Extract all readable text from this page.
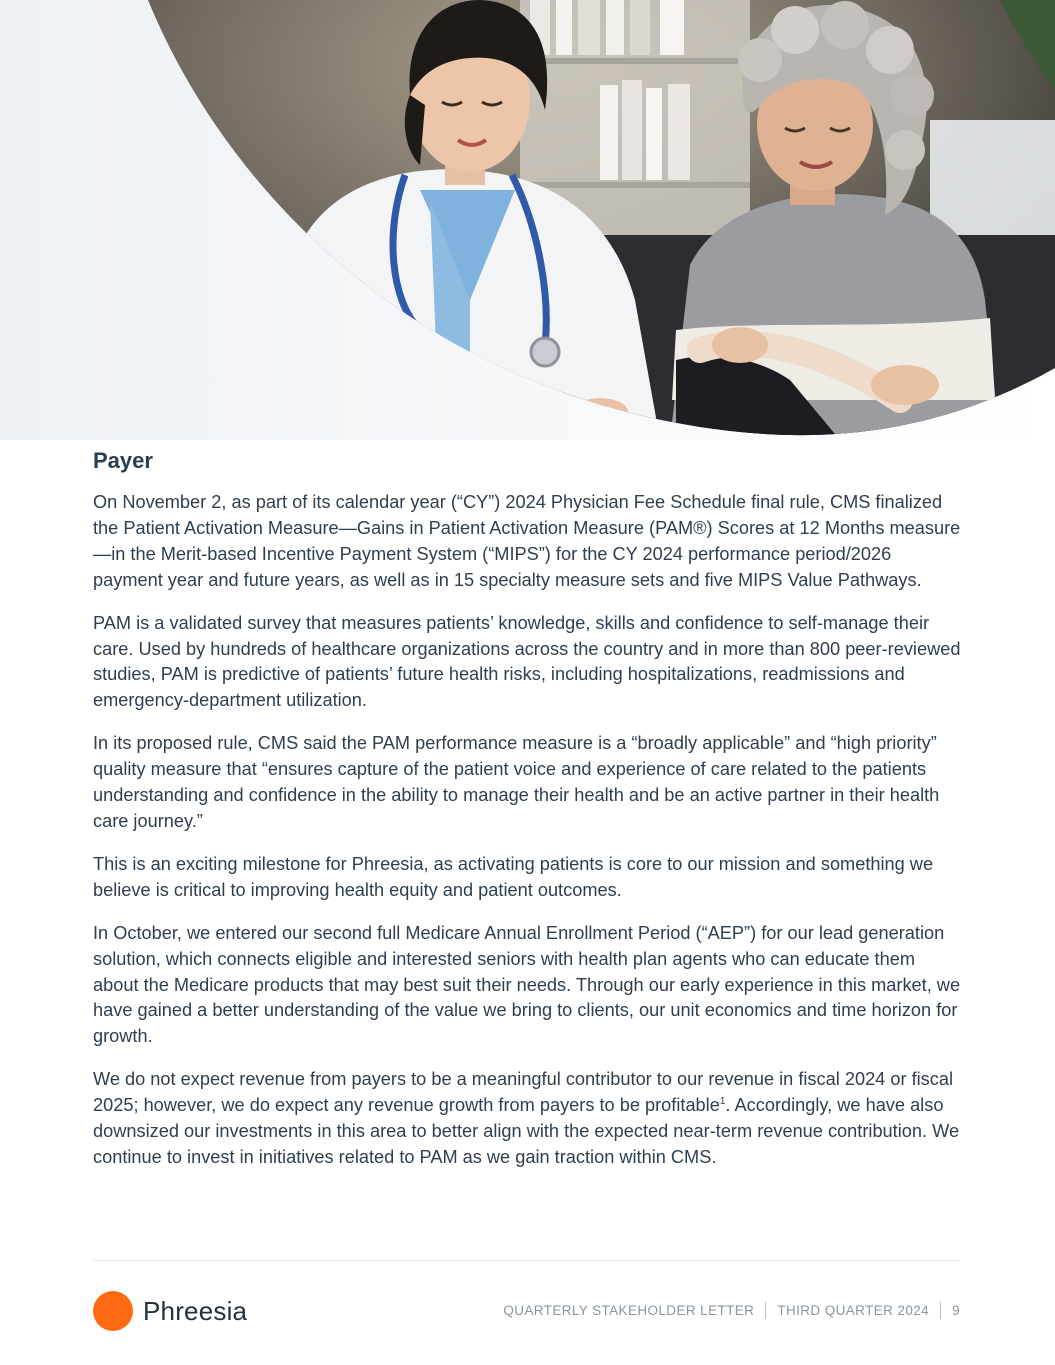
Payer

On November 2, as part of its calendar year (“CY”) 2024 Physician Fee Schedule final rule, CMS finalized the Patient Activation Measure—Gains in Patient Activation Measure (PAM®) Scores at 12 Months measure—in the Merit-based Incentive Payment System (“MIPS”) for the CY 2024 performance period/2026 payment year and future years, as well as in 15 specialty measure sets and five MIPS Value Pathways.

PAM is a validated survey that measures patients’ knowledge, skills and confidence to self-manage their care. Used by hundreds of healthcare organizations across the country and in more than 800 peer-reviewed studies, PAM is predictive of patients’ future health risks, including hospitalizations, readmissions and emergency-department utilization.

In its proposed rule, CMS said the PAM performance measure is a “broadly applicable” and “high priority” quality measure that “ensures capture of the patient voice and experience of care related to the patients understanding and confidence in the ability to manage their health and be an active partner in their health care journey.”

This is an exciting milestone for Phreesia, as activating patients is core to our mission and something we believe is critical to improving health equity and patient outcomes.

In October, we entered our second full Medicare Annual Enrollment Period (“AEP”) for our lead generation solution, which connects eligible and interested seniors with health plan agents who can educate them about the Medicare products that may best suit their needs. Through our early experience in this market, we have gained a better understanding of the value we bring to clients, our unit economics and time horizon for growth.

We do not expect revenue from payers to be a meaningful contributor to our revenue in fiscal 2024 or fiscal 2025; however, we do expect any revenue growth from payers to be profitable$^1$. Accordingly, we have also downsized our investments in this area to better align with the expected near-term revenue contribution. We continue to invest in initiatives related to PAM as we gain traction within CMS.

Phreesia	QUARTERLY STAKEHOLDER LETTER THIRD QUARTER 2024 9
